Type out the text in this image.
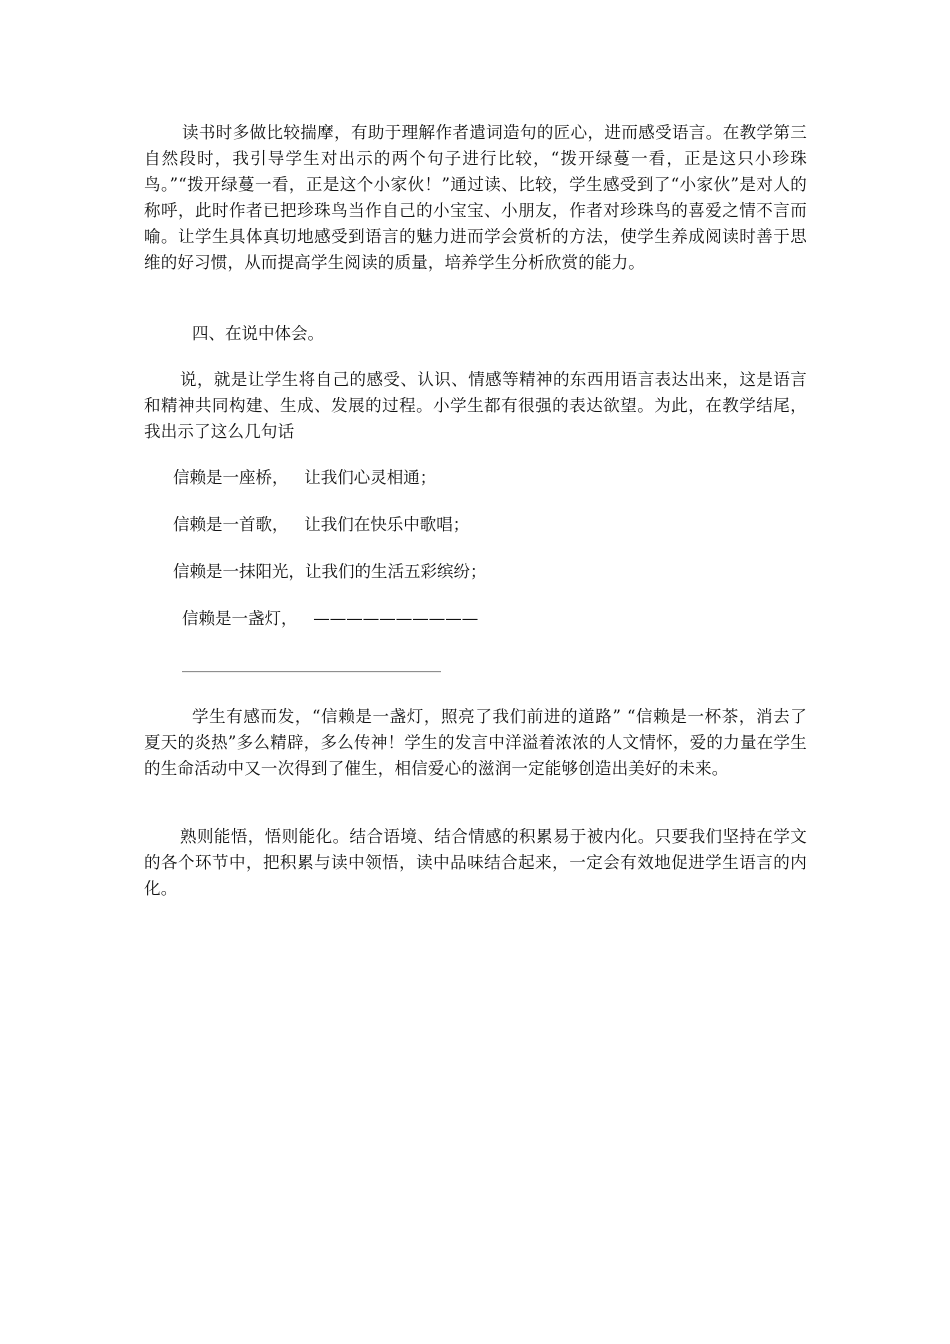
读书时多做比较揣摩，有助于理解作者遣词造句的匠心，进而感受语言。在教学第三自然段时，我引导学生对出示的两个句子进行比较，“拨开绿蔓一看，正是这只小珍珠鸟。”“拨开绿蔓一看，正是这个小家伙！”通过读、比较，学生感受到了“小家伙”是对人的称呼，此时作者已把珍珠鸟当作自己的小宝宝、小朋友，作者对珍珠鸟的喜爱之情不言而喻。让学生具体真切地感受到语言的魅力进而学会赏析的方法，使学生养成阅读时善于思维的好习惯，从而提高学生阅读的质量，培养学生分析欣赏的能力。

四、在说中体会。

说，就是让学生将自己的感受、认识、情感等精神的东西用语言表达出来，这是语言和精神共同构建、生成、发展的过程。小学生都有很强的表达欲望。为此，在教学结尾，我出示了这么几句话

信赖是一座桥，   让我们心灵相通；

信赖是一首歌，   让我们在快乐中歌唱；

信赖是一抹阳光，让我们的生活五彩缤纷；

信赖是一盏灯，   ——————————

_____________________________________

学生有感而发，“信赖是一盏灯，照亮了我们前进的道路” “信赖是一杯茶，消去了夏天的炎热”多么精辟，多么传神！学生的发言中洋溢着浓浓的人文情怀，爱的力量在学生的生命活动中又一次得到了催生，相信爱心的滋润一定能够创造出美好的未来。

熟则能悟，悟则能化。结合语境、结合情感的积累易于被内化。只要我们坚持在学文的各个环节中，把积累与读中领悟，读中品味结合起来，一定会有效地促进学生语言的内化。
